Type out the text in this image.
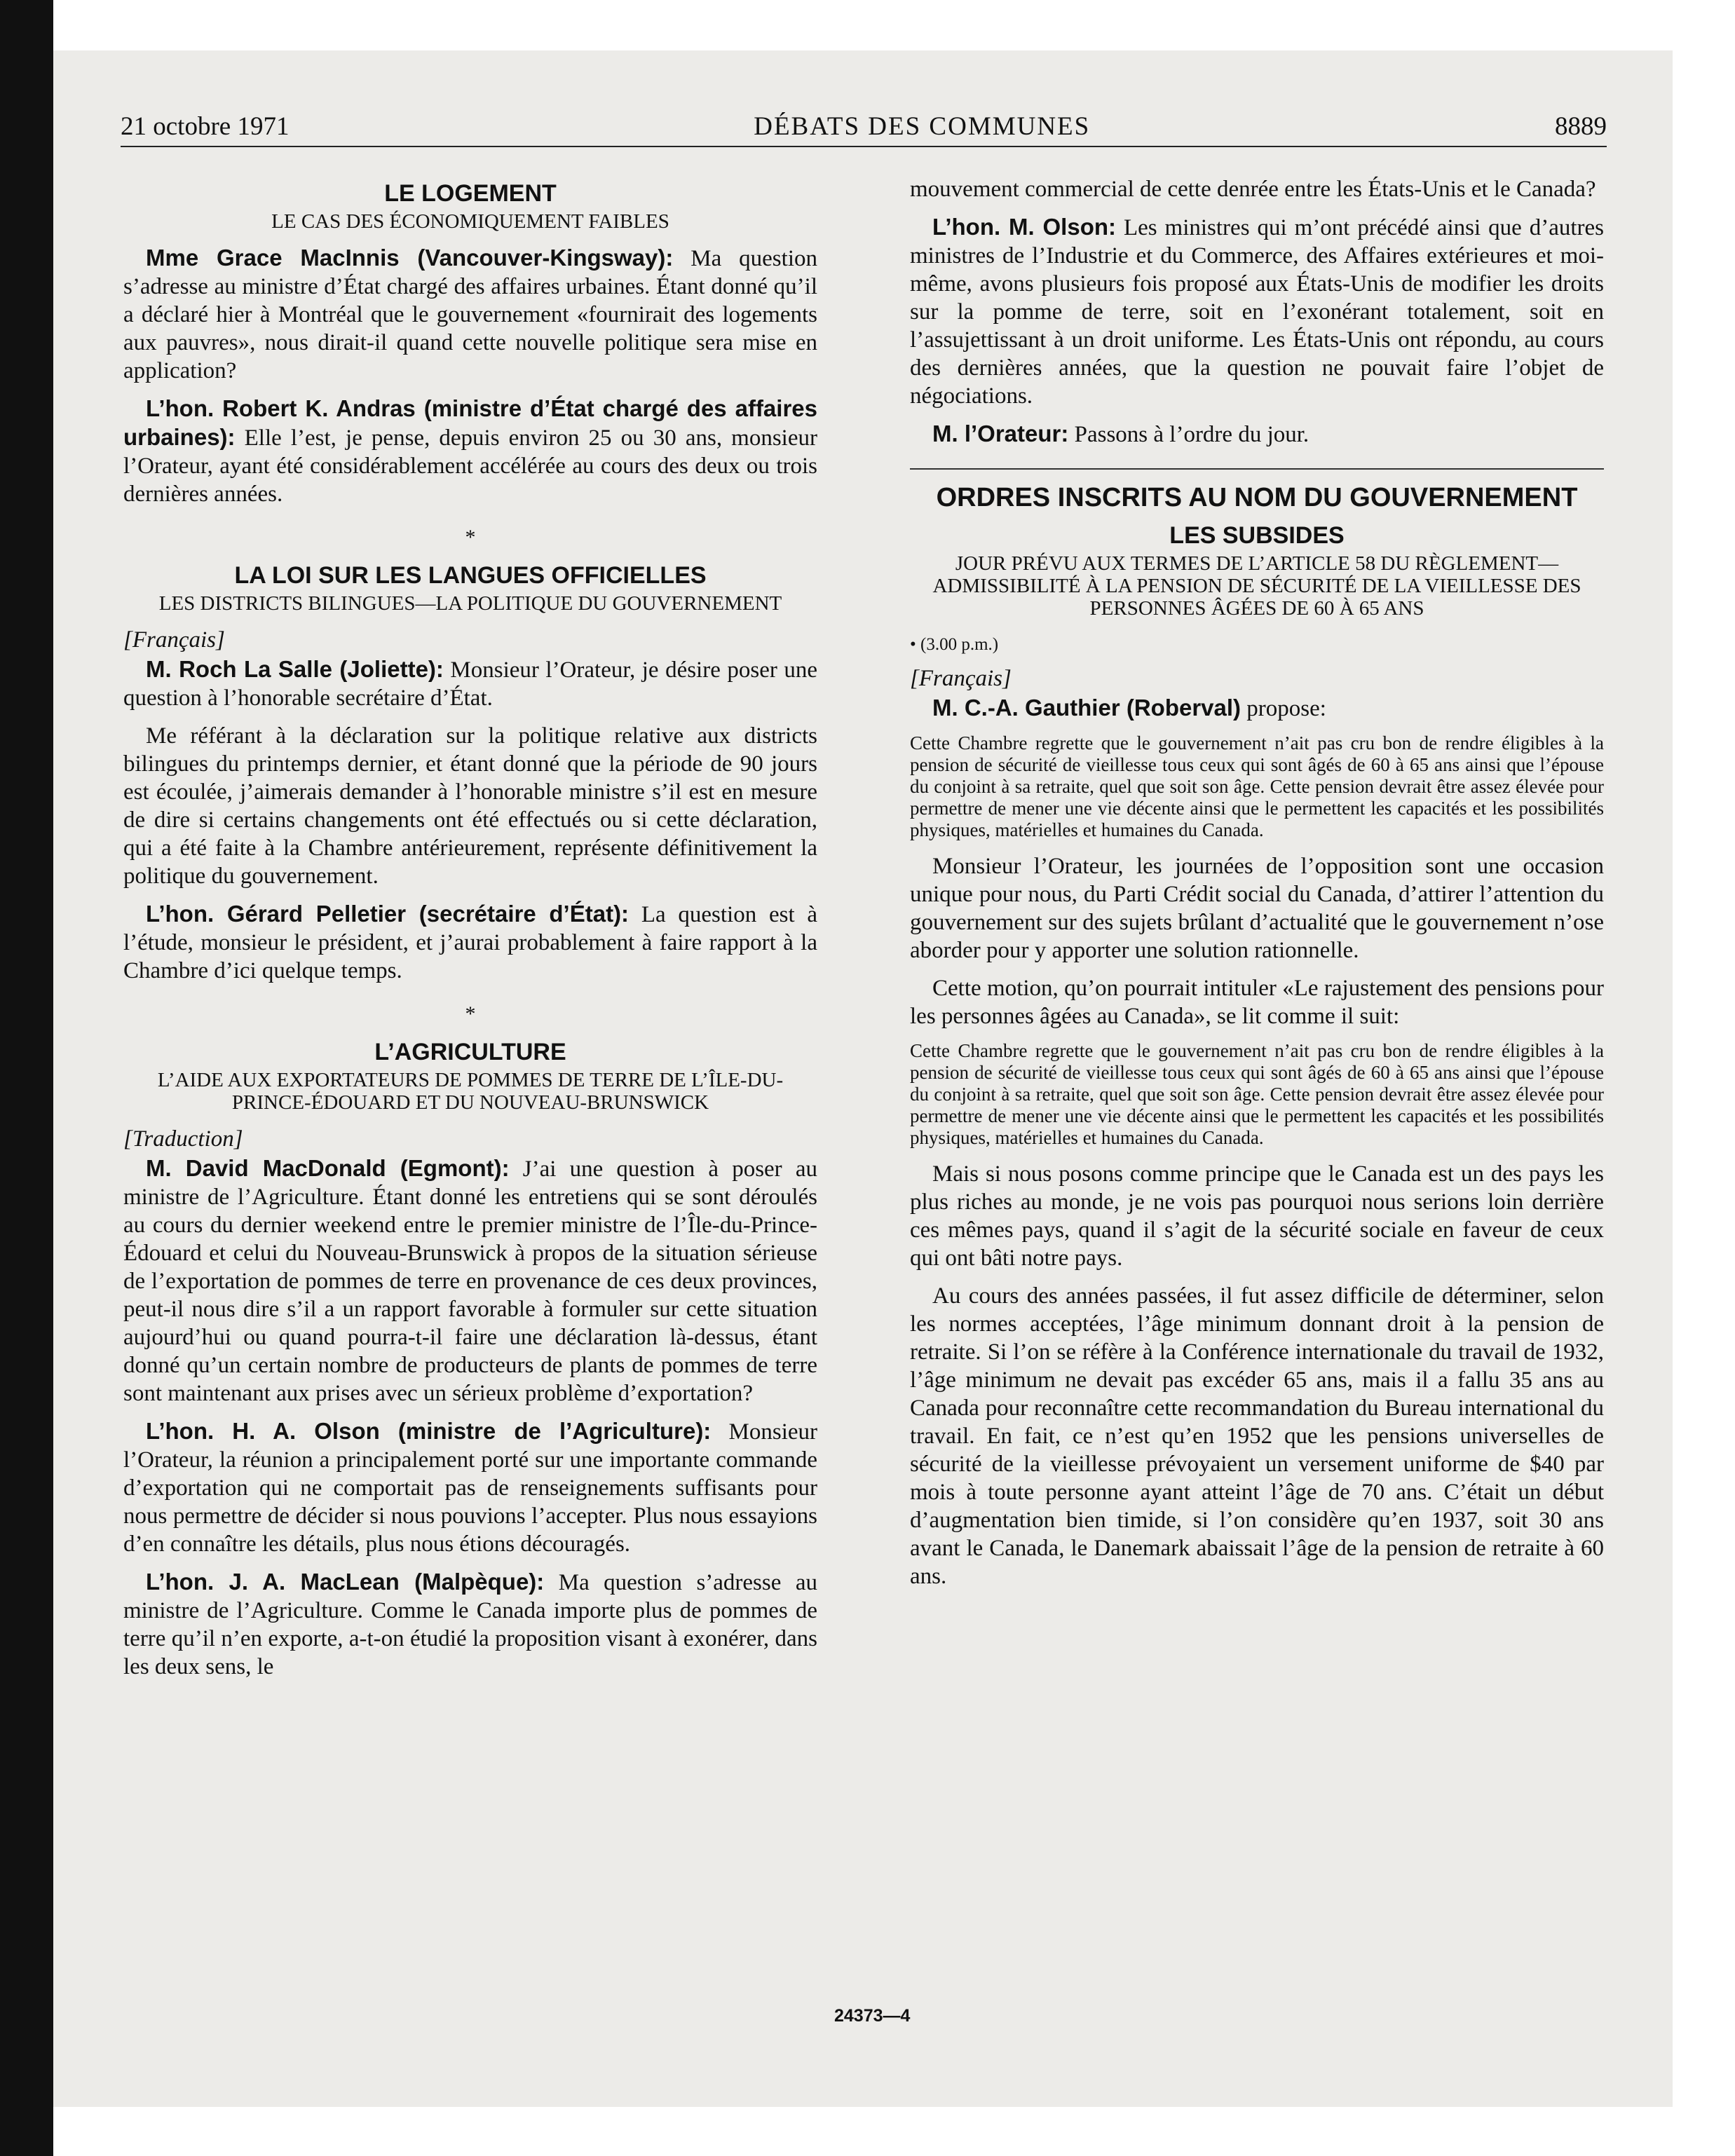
21 octobre 1971	DÉBATS DES COMMUNES	8889
LE LOGEMENT
LE CAS DES ÉCONOMIQUEMENT FAIBLES

Mme Grace MacInnis (Vancouver-Kingsway): Ma question s’adresse au ministre d’État chargé des affaires urbaines. Étant donné qu’il a déclaré hier à Montréal que le gouvernement «fournirait des logements aux pauvres», nous dirait-il quand cette nouvelle politique sera mise en application?

L’hon. Robert K. Andras (ministre d’État chargé des affaires urbaines): Elle l’est, je pense, depuis environ 25 ou 30 ans, monsieur l’Orateur, ayant été considérablement accélérée au cours des deux ou trois dernières années.

*
LA LOI SUR LES LANGUES OFFICIELLES
LES DISTRICTS BILINGUES—LA POLITIQUE DU GOUVERNEMENT
[Français]

M. Roch La Salle (Joliette): Monsieur l’Orateur, je désire poser une question à l’honorable secrétaire d’État.

Me référant à la déclaration sur la politique relative aux districts bilingues du printemps dernier, et étant donné que la période de 90 jours est écoulée, j’aimerais demander à l’honorable ministre s’il est en mesure de dire si certains changements ont été effectués ou si cette déclaration, qui a été faite à la Chambre antérieurement, représente définitivement la politique du gouvernement.

L’hon. Gérard Pelletier (secrétaire d’État): La question est à l’étude, monsieur le président, et j’aurai probablement à faire rapport à la Chambre d’ici quelque temps.

*
L’AGRICULTURE
L’AIDE AUX EXPORTATEURS DE POMMES DE TERRE DE L’ÎLE-DU-PRINCE-ÉDOUARD ET DU NOUVEAU-BRUNSWICK
[Traduction]

M. David MacDonald (Egmont): J’ai une question à poser au ministre de l’Agriculture. Étant donné les entretiens qui se sont déroulés au cours du dernier weekend entre le premier ministre de l’Île-du-Prince-Édouard et celui du Nouveau-Brunswick à propos de la situation sérieuse de l’exportation de pommes de terre en provenance de ces deux provinces, peut-il nous dire s’il a un rapport favorable à formuler sur cette situation aujourd’hui ou quand pourra-t-il faire une déclaration là-dessus, étant donné qu’un certain nombre de producteurs de plants de pommes de terre sont maintenant aux prises avec un sérieux problème d’exportation?

L’hon. H. A. Olson (ministre de l’Agriculture): Monsieur l’Orateur, la réunion a principalement porté sur une importante commande d’exportation qui ne comportait pas de renseignements suffisants pour nous permettre de décider si nous pouvions l’accepter. Plus nous essayions d’en connaître les détails, plus nous étions découragés.

L’hon. J. A. MacLean (Malpèque): Ma question s’adresse au ministre de l’Agriculture. Comme le Canada importe plus de pommes de terre qu’il n’en exporte, a-t-on étudié la proposition visant à exonérer, dans les deux sens, le

mouvement commercial de cette denrée entre les États-Unis et le Canada?

L’hon. M. Olson: Les ministres qui m’ont précédé ainsi que d’autres ministres de l’Industrie et du Commerce, des Affaires extérieures et moi-même, avons plusieurs fois proposé aux États-Unis de modifier les droits sur la pomme de terre, soit en l’exonérant totalement, soit en l’assujettissant à un droit uniforme. Les États-Unis ont répondu, au cours des dernières années, que la question ne pouvait faire l’objet de négociations.

M. l’Orateur: Passons à l’ordre du jour.

ORDRES INSCRITS AU NOM DU GOUVERNEMENT
LES SUBSIDES
JOUR PRÉVU AUX TERMES DE L’ARTICLE 58 DU RÈGLEMENT—ADMISSIBILITÉ À LA PENSION DE SÉCURITÉ DE LA VIEILLESSE DES PERSONNES ÂGÉES DE 60 À 65 ANS
• (3.00 p.m.)
[Français]

M. C.-A. Gauthier (Roberval) propose:

Cette Chambre regrette que le gouvernement n’ait pas cru bon de rendre éligibles à la pension de sécurité de vieillesse tous ceux qui sont âgés de 60 à 65 ans ainsi que l’épouse du conjoint à sa retraite, quel que soit son âge. Cette pension devrait être assez élevée pour permettre de mener une vie décente ainsi que le permettent les capacités et les possibilités physiques, matérielles et humaines du Canada.

Monsieur l’Orateur, les journées de l’opposition sont une occasion unique pour nous, du Parti Crédit social du Canada, d’attirer l’attention du gouvernement sur des sujets brûlant d’actualité que le gouvernement n’ose aborder pour y apporter une solution rationnelle.

Cette motion, qu’on pourrait intituler «Le rajustement des pensions pour les personnes âgées au Canada», se lit comme il suit:

Cette Chambre regrette que le gouvernement n’ait pas cru bon de rendre éligibles à la pension de sécurité de vieillesse tous ceux qui sont âgés de 60 à 65 ans ainsi que l’épouse du conjoint à sa retraite, quel que soit son âge. Cette pension devrait être assez élevée pour permettre de mener une vie décente ainsi que le permettent les capacités et les possibilités physiques, matérielles et humaines du Canada.

Mais si nous posons comme principe que le Canada est un des pays les plus riches au monde, je ne vois pas pourquoi nous serions loin derrière ces mêmes pays, quand il s’agit de la sécurité sociale en faveur de ceux qui ont bâti notre pays.

Au cours des années passées, il fut assez difficile de déterminer, selon les normes acceptées, l’âge minimum donnant droit à la pension de retraite. Si l’on se réfère à la Conférence internationale du travail de 1932, l’âge minimum ne devait pas excéder 65 ans, mais il a fallu 35 ans au Canada pour reconnaître cette recommandation du Bureau international du travail. En fait, ce n’est qu’en 1952 que les pensions universelles de sécurité de la vieillesse prévoyaient un versement uniforme de $40 par mois à toute personne ayant atteint l’âge de 70 ans. C’était un début d’augmentation bien timide, si l’on considère qu’en 1937, soit 30 ans avant le Canada, le Danemark abaissait l’âge de la pension de retraite à 60 ans.

24373—4
